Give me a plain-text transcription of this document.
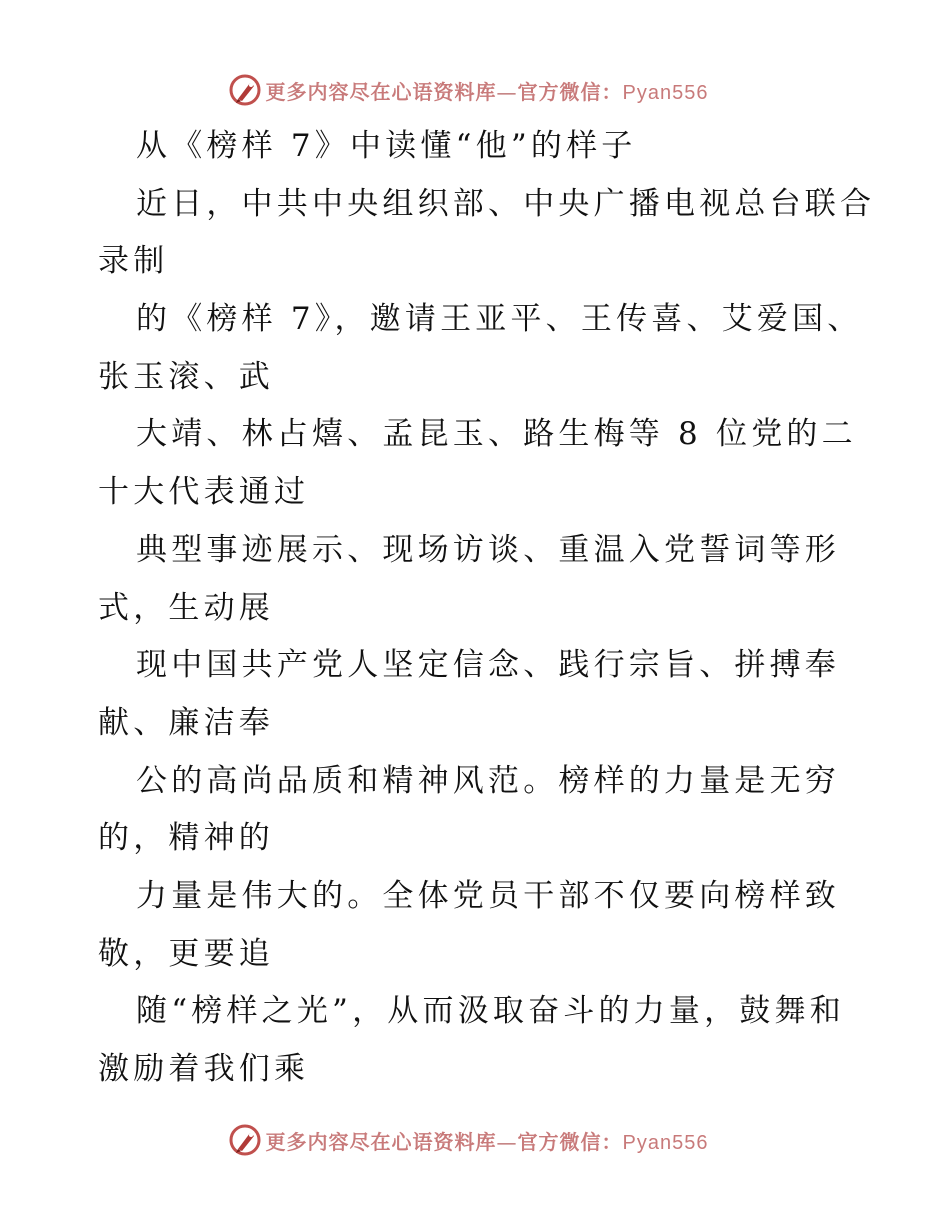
更多内容尽在心语资料库—官方微信：Pyan556
从《榜样 7》中读懂“他”的样子
近日，中共中央组织部、中央广播电视总台联合
录制
的《榜样 7》，邀请王亚平、王传喜、艾爱国、
张玉滚、武
大靖、林占熺、孟昆玉、路生梅等 8 位党的二
十大代表通过
典型事迹展示、现场访谈、重温入党誓词等形
式，生动展
现中国共产党人坚定信念、践行宗旨、拼搏奉
献、廉洁奉
公的高尚品质和精神风范。榜样的力量是无穷
的，精神的
力量是伟大的。全体党员干部不仅要向榜样致
敬，更要追
随“榜样之光”，从而汲取奋斗的力量，鼓舞和
激励着我们乘
更多内容尽在心语资料库—官方微信：Pyan556
